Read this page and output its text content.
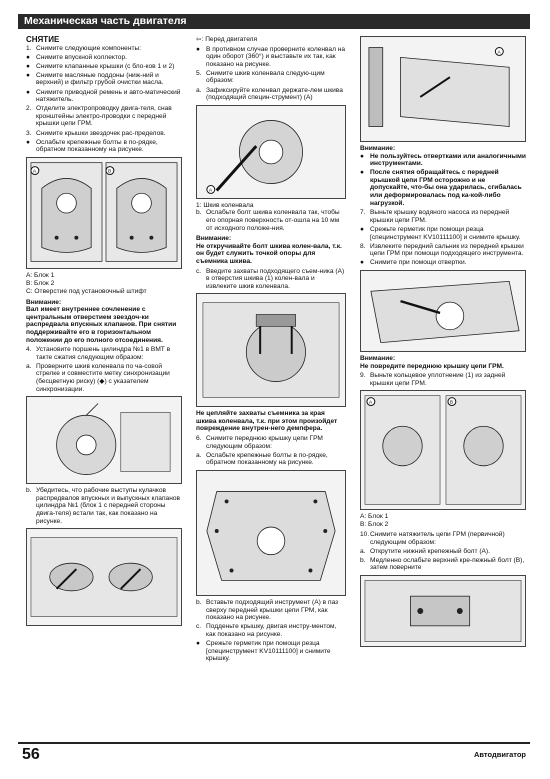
Механическая часть двигателя
СНЯТИЕ
1. Снимите следующие компоненты:
● Снимите впускной коллектор.
● Снимите клапанные крышки (с бло-ков 1 и 2)
● Снимите масляные поддоны (ниж-ний и верхний) и фильтр грубой очистки масла.
● Снимите приводной ремень и авто-матический натяжитель.
2. Отделите электропроводку двига-теля, снав кронштейны электро-проводки с передней крышки цепи ГРМ.
3. Снимите крышки звездочек рас-пределов.
● Ослабьте крепежные болты в по-рядке, обратном показанному на рисунке.
A	B
A: Блок 1
B: Блок 2
C: Отверстие под установочный штифт
Внимание:
Вал имеет внутреннее сочленение с центральным отверстием звездоч-ки распредвала впускных клапанов. При снятии поддерживайте его в горизонтальном положении до его полного отсоединения.
4. Установите поршень цилиндра №1 в ВМТ в такте сжатия следующим образом:
a. Проверните шкив коленвала по ча-совой стрелке и совместите метку синхронизации (бесцветную риску) (◆) с указателем синхронизации.
b. Убедитесь, что рабочие выступы кулачков распредвалов впускных и выпускных клапанов цилиндра №1 (блок 1 с передней стороны двига-теля) встали так, как показано на рисунке.
⇦: Перед двигателя
● В противном случае проверните коленвал на один оборот (360°) и выставьте их так, как показано на рисунке.
5. Снимите шкив коленвала следую-щим образом:
a. Зафиксируйте коленвал держате-лем шкива (подходящий специн-струмент) (А)
A
1: Шкив коленвала
b. Ослабьте болт шкива коленвала так, чтобы его опорная поверхность от-ошла на 10 мм от исходного положе-ния.
Внимание:
Не откручивайте болт шкива колен-вала, т.к. он будет служить точкой опоры для съемника шкива.
c. Введите захваты подходящего съем-ника (А) в отверстия шкива (1) колен-вала и извлеките шкив коленвала.
Не цепляйте захваты съемника за края шкива коленвала, т.к. при этом произойдет повреждение внутрен-него демпфера.
6. Снимите переднюю крышку цепи ГРМ следующим образом:
a. Ослабьте крепежные болты в по-рядке, обратном показанному на рисунке.
b. Вставьте подходящий инструмент (А) в паз сверху передней крышки цепи ГРМ, как показано на рисунке.
c. Подденьте крышку, двигая инстру-ментом, как показано на рисунке.
● Срежьте герметик при помощи резца [специнструмент KV10111100] и снимите крышку.
A
Внимание:
● Не пользуйтесь отвертками или аналогичными инструментами.
● После снятия обращайтесь с передней крышкой цепи ГРМ осторожно и не допускайте, что-бы она ударилась, сгибалась или деформировалась под ка-кой-либо нагрузкой.
7. Выньте крышку водяного насоса из передней крышки цепи ГРМ.
● Срежьте герметик при помощи резца [специнструмент KV10111100] и снимите крышку.
8. Извлеките передний сальник из передней крышки цепи ГРМ при помощи подходящего инструмента.
● Снимите при помощи отвертки.
Внимание:
Не повредите переднюю крышку цепи ГРМ.
9. Выньте кольцевое уплотнение (1) из задней крышки цепи ГРМ.
A	B
A: Блок 1
B: Блок 2
10. Снимите натяжитель цепи ГРМ (первичной) следующим образом:
a. Открутите нижний крепежный болт (А).
b. Медленно ослабьте верхний кре-пежный болт (В), затем поверните
56	Автодвигатор
